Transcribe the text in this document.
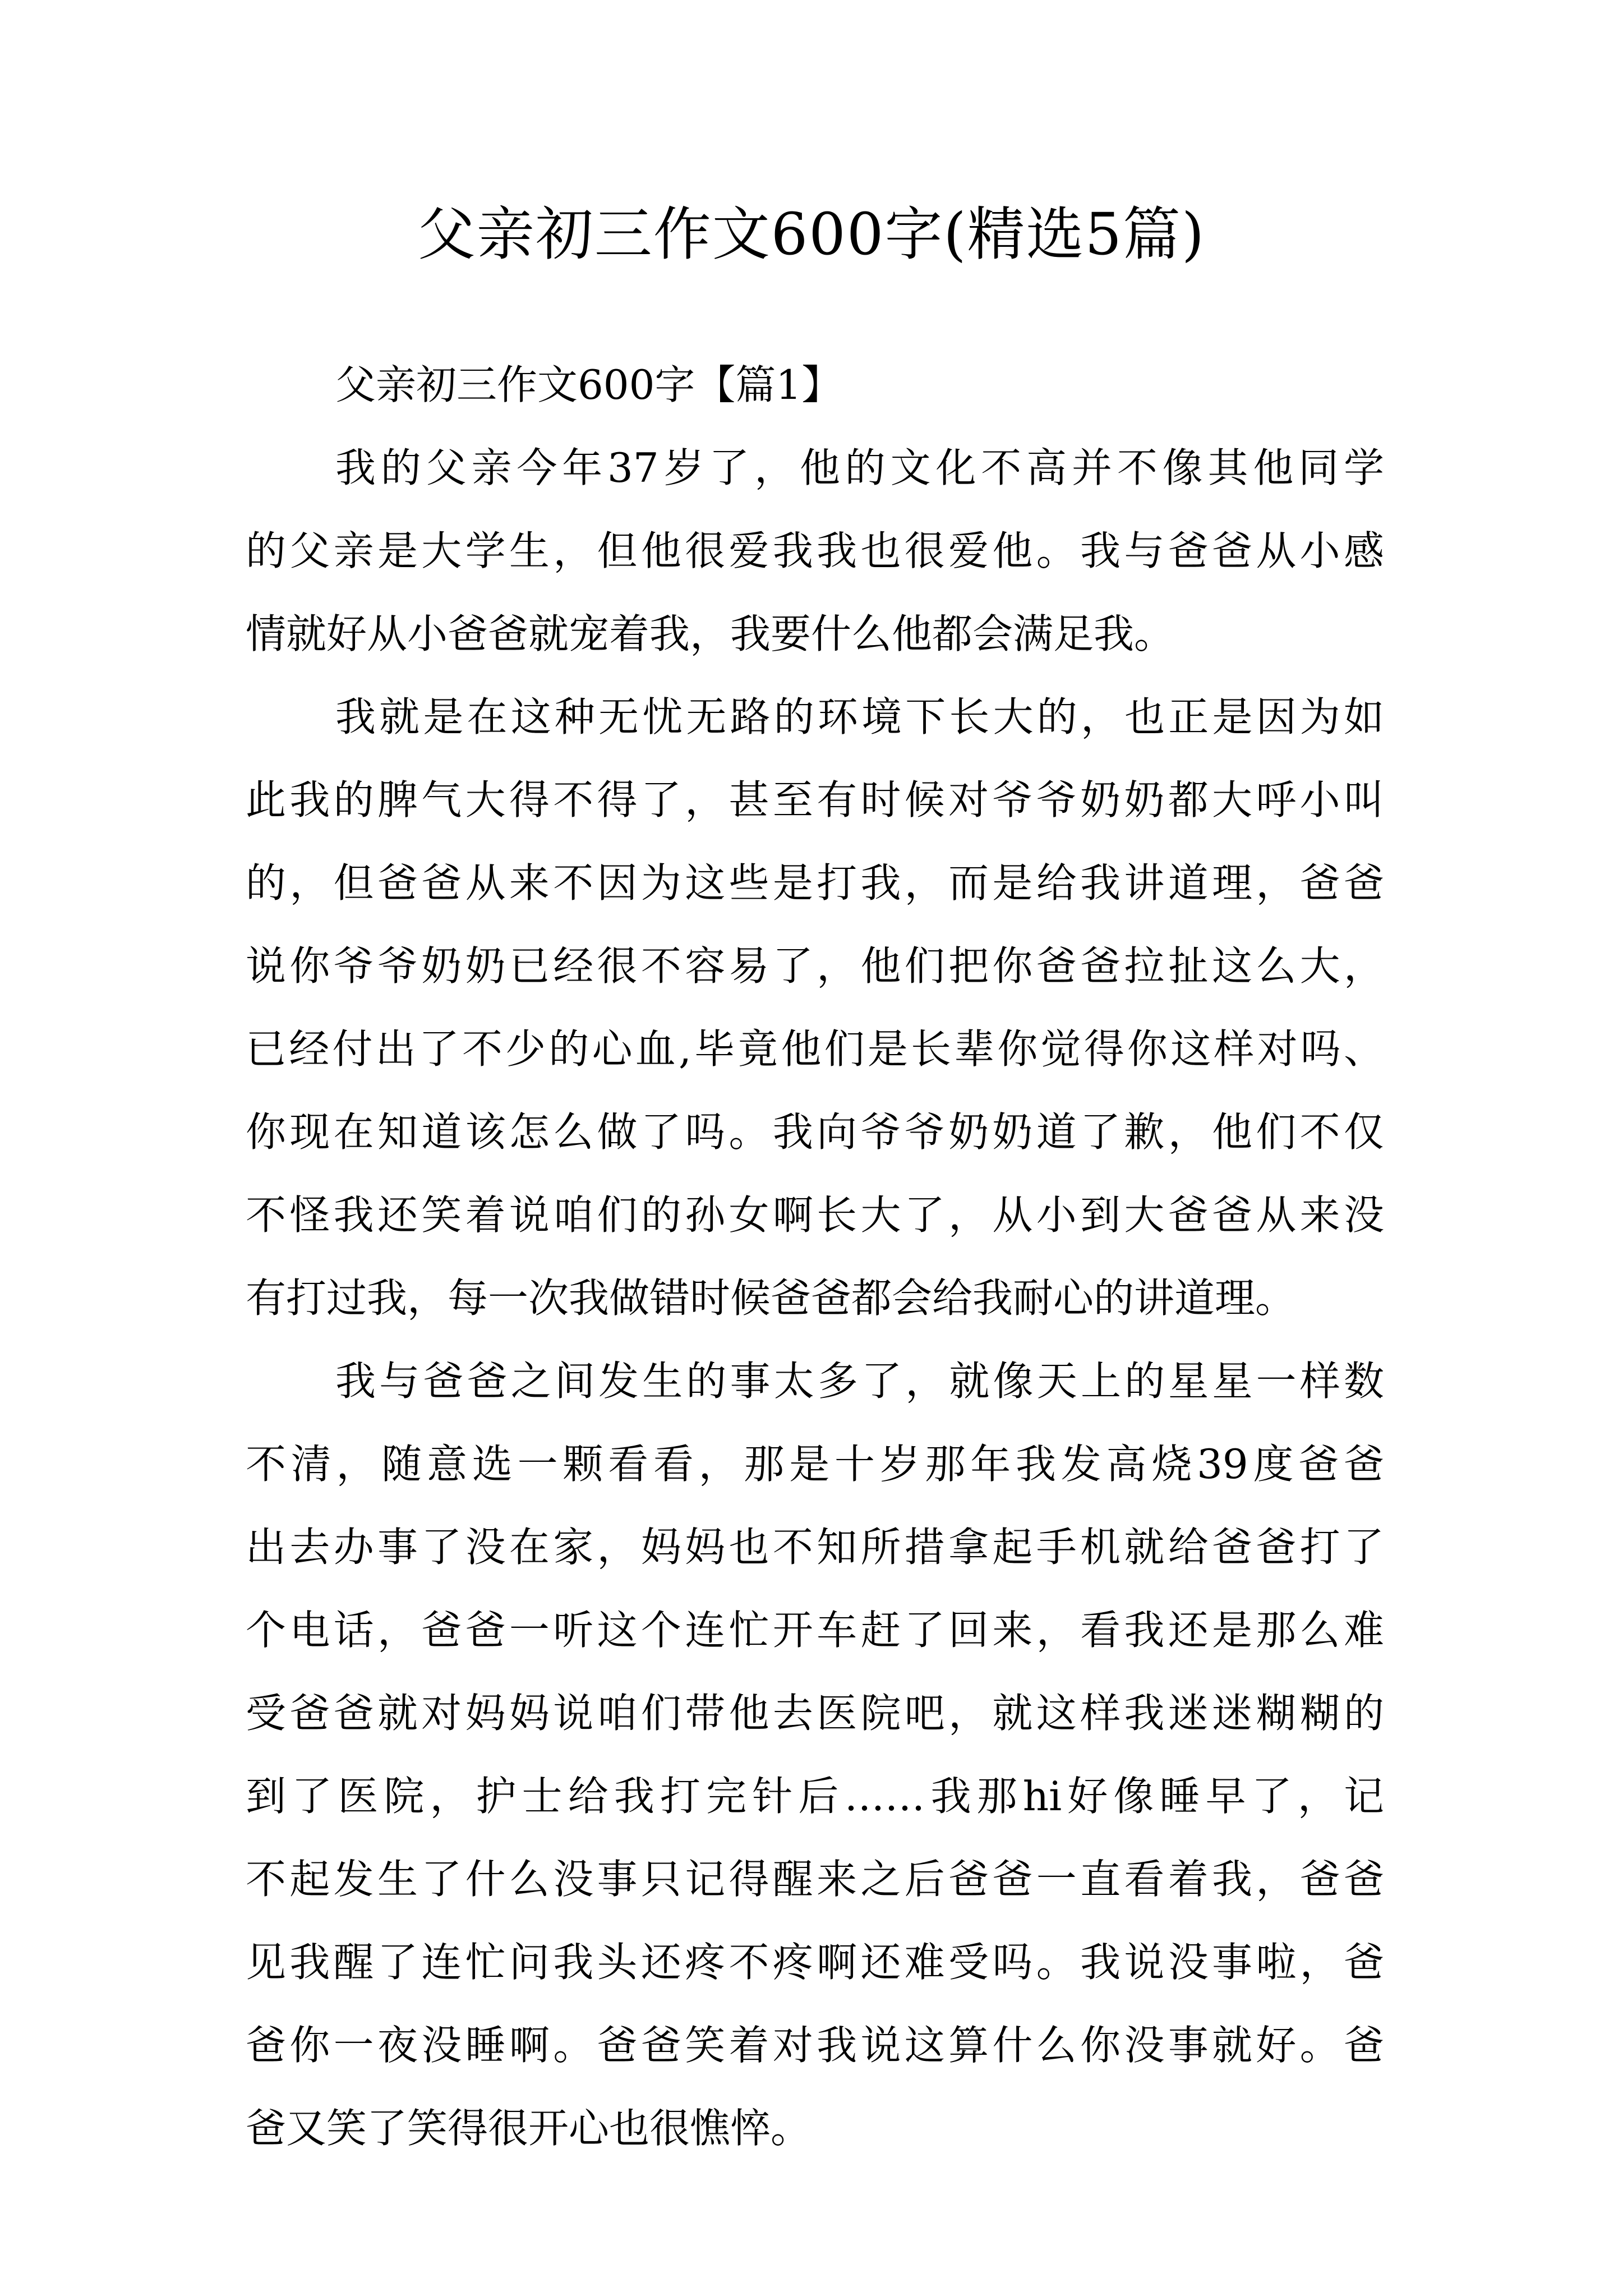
父亲初三作文600字(精选5篇)
父亲初三作文600字【篇1】

我的父亲今年37岁了，他的文化不高并不像其他同学
的父亲是大学生，但他很爱我我也很爱他。我与爸爸从小感
情就好从小爸爸就宠着我，我要什么他都会满足我。

我就是在这种无忧无路的环境下长大的，也正是因为如
此我的脾气大得不得了，甚至有时候对爷爷奶奶都大呼小叫
的，但爸爸从来不因为这些是打我，而是给我讲道理，爸爸
说你爷爷奶奶已经很不容易了，他们把你爸爸拉扯这么大，
已经付出了不少的心血,毕竟他们是长辈你觉得你这样对吗、
你现在知道该怎么做了吗。我向爷爷奶奶道了歉，他们不仅
不怪我还笑着说咱们的孙女啊长大了，从小到大爸爸从来没
有打过我，每一次我做错时候爸爸都会给我耐心的讲道理。

我与爸爸之间发生的事太多了，就像天上的星星一样数
不清，随意选一颗看看，那是十岁那年我发高烧39度爸爸
出去办事了没在家，妈妈也不知所措拿起手机就给爸爸打了
个电话，爸爸一听这个连忙开车赶了回来，看我还是那么难
受爸爸就对妈妈说咱们带他去医院吧，就这样我迷迷糊糊的
到了医院，护士给我打完针后……我那hi好像睡早了，记
不起发生了什么没事只记得醒来之后爸爸一直看着我，爸爸
见我醒了连忙问我头还疼不疼啊还难受吗。我说没事啦，爸
爸你一夜没睡啊。爸爸笑着对我说这算什么你没事就好。爸
爸又笑了笑得很开心也很憔悴。
